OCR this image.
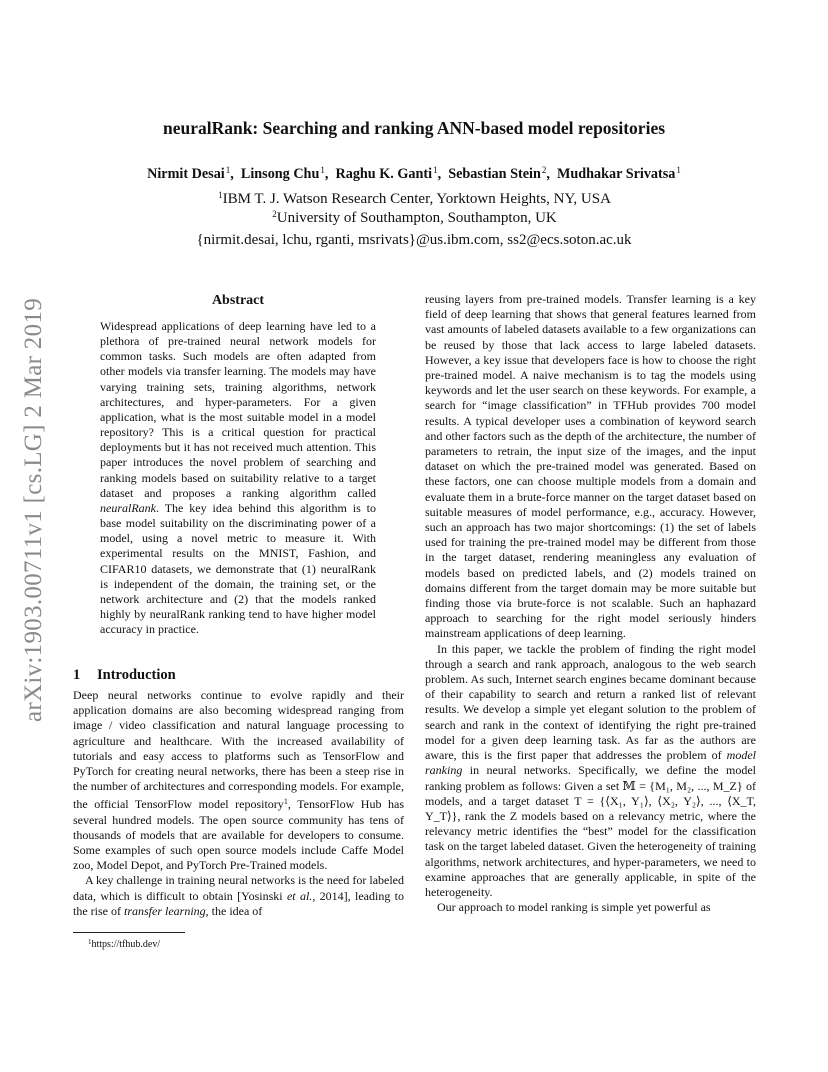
arXiv:1903.00711v1 [cs.LG] 2 Mar 2019
neuralRank: Searching and ranking ANN-based model repositories
Nirmit Desai$^1$,  Linsong Chu$^1$,  Raghu K. Ganti$^1$,  Sebastian Stein$^2$,  Mudhakar Srivatsa$^1$
$^1$IBM T. J. Watson Research Center, Yorktown Heights, NY, USA
$^2$University of Southampton, Southampton, UK
{nirmit.desai, lchu, rganti, msrivats}@us.ibm.com, ss2@ecs.soton.ac.uk
Abstract
Widespread applications of deep learning have led to a plethora of pre-trained neural network models for common tasks. Such models are often adapted from other models via transfer learning. The models may have varying training sets, training algorithms, network architectures, and hyper-parameters. For a given application, what is the most suitable model in a model repository? This is a critical question for practical deployments but it has not received much attention. This paper introduces the novel problem of searching and ranking models based on suitability relative to a target dataset and proposes a ranking algorithm called neuralRank. The key idea behind this algorithm is to base model suitability on the discriminating power of a model, using a novel metric to measure it. With experimental results on the MNIST, Fashion, and CIFAR10 datasets, we demonstrate that (1) neuralRank is independent of the domain, the training set, or the network architecture and (2) that the models ranked highly by neuralRank ranking tend to have higher model accuracy in practice.
1 Introduction

Deep neural networks continue to evolve rapidly and their application domains are also becoming widespread ranging from image / video classification and natural language processing to agriculture and healthcare. With the increased availability of tutorials and easy access to platforms such as TensorFlow and PyTorch for creating neural networks, there has been a steep rise in the number of architectures and corresponding models. For example, the official TensorFlow model repository$^1$, TensorFlow Hub has several hundred models. The open source community has tens of thousands of models that are available for developers to consume. Some examples of such open source models include Caffe Model zoo, Model Depot, and PyTorch Pre-Trained models.

A key challenge in training neural networks is the need for labeled data, which is difficult to obtain [Yosinski et al., 2014], leading to the rise of transfer learning, the idea of

$^1$https://tfhub.dev/

reusing layers from pre-trained models. Transfer learning is a key field of deep learning that shows that general features learned from vast amounts of labeled datasets available to a few organizations can be reused by those that lack access to large labeled datasets. However, a key issue that developers face is how to choose the right pre-trained model. A naive mechanism is to tag the models using keywords and let the user search on these keywords. For example, a search for “image classification” in TFHub provides 700 model results. A typical developer uses a combination of keyword search and other factors such as the depth of the architecture, the number of parameters to retrain, the input size of the images, and the input dataset on which the pre-trained model was generated. Based on these factors, one can choose multiple models from a domain and evaluate them in a brute-force manner on the target dataset based on suitable measures of model performance, e.g., accuracy. However, such an approach has two major shortcomings: (1) the set of labels used for training the pre-trained model may be different from those in the target dataset, rendering meaningless any evaluation of models based on predicted labels, and (2) models trained on domains different from the target domain may be more suitable but finding those via brute-force is not scalable. Such an haphazard approach to searching for the right model seriously hinders mainstream applications of deep learning.

In this paper, we tackle the problem of finding the right model through a search and rank approach, analogous to the web search problem. As such, Internet search engines became dominant because of their capability to search and return a ranked list of relevant results. We develop a simple yet elegant solution to the problem of search and rank in the context of identifying the right pre-trained model for a given deep learning task. As far as the authors are aware, this is the first paper that addresses the problem of model ranking in neural networks. Specifically, we define the model ranking problem as follows: Given a set 𝕄 = {M₁, M₂, ..., M_Z} of models, and a target dataset T = {⟨X₁, Y₁⟩, ⟨X₂, Y₂⟩, ..., ⟨X_T, Y_T⟩}, rank the Z models based on a relevancy metric, where the relevancy metric identifies the “best” model for the classification task on the target labeled dataset. Given the heterogeneity of training algorithms, network architectures, and hyper-parameters, we need to examine approaches that are generally applicable, in spite of the heterogeneity.

Our approach to model ranking is simple yet powerful as
